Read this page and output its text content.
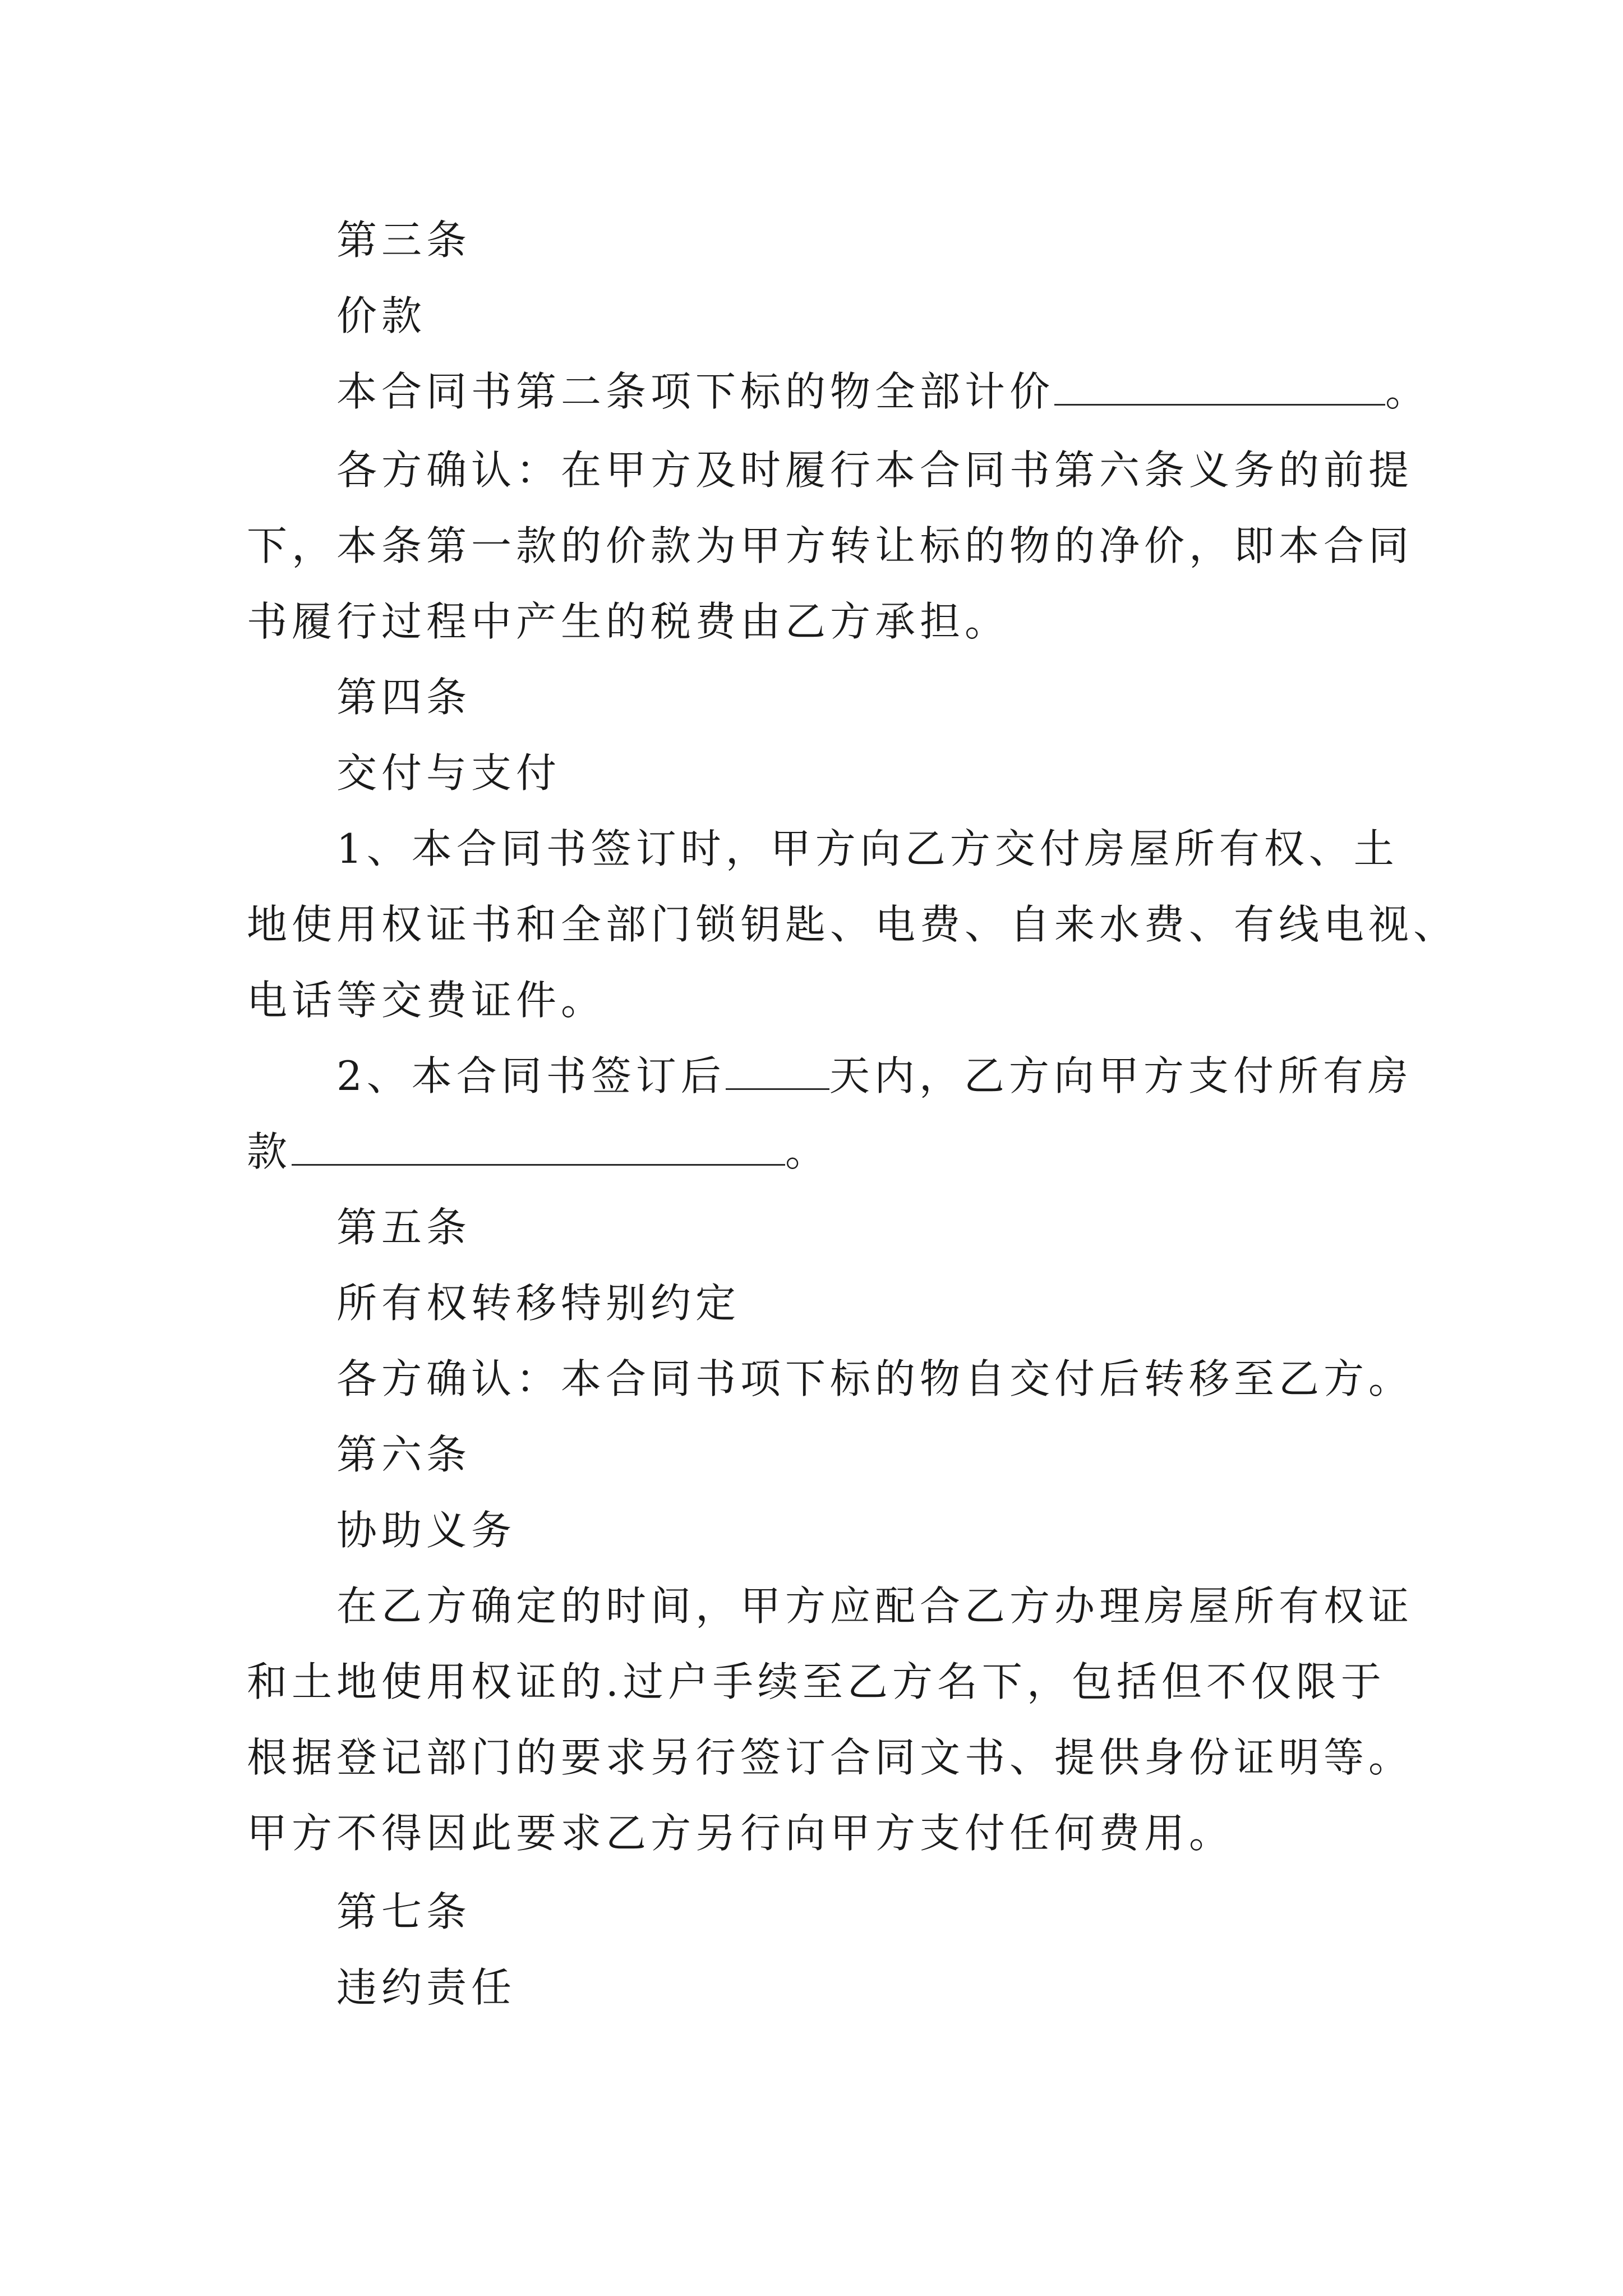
第三条
价款
本合同书第二条项下标的物全部计价	。
各方确认：在甲方及时履行本合同书第六条义务的前提
下，本条第一款的价款为甲方转让标的物的净价，即本合同
书履行过程中产生的税费由乙方承担。
第四条
交付与支付
1、本合同书签订时，甲方向乙方交付房屋所有权、土
地使用权证书和全部门锁钥匙、电费、自来水费、有线电视、
电话等交费证件。
2、本合同书签订后	天内，乙方向甲方支付所有房
款	。
第五条
所有权转移特别约定
各方确认：本合同书项下标的物自交付后转移至乙方。
第六条
协助义务
在乙方确定的时间，甲方应配合乙方办理房屋所有权证
和土地使用权证的.过户手续至乙方名下，包括但不仅限于
根据登记部门的要求另行签订合同文书、提供身份证明等。
甲方不得因此要求乙方另行向甲方支付任何费用。
第七条
违约责任
